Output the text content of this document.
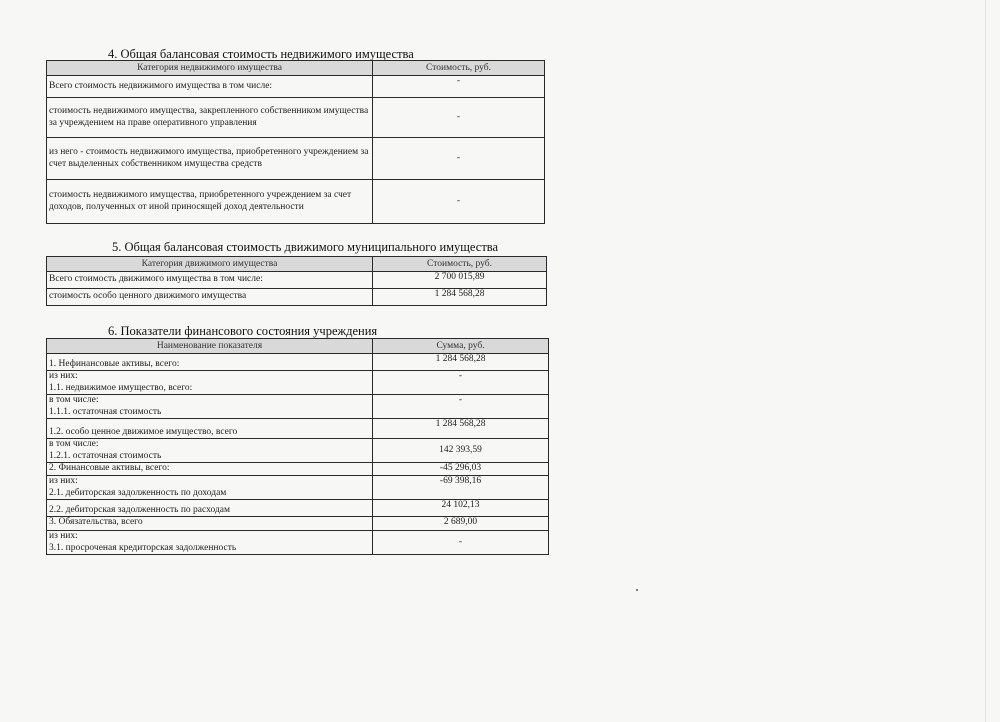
4. Общая балансовая стоимость недвижимого имущества
Категория недвижимого имущества	Стоимость, руб.
Всего стоимость недвижимого имущества в том числе:	-
стоимость недвижимого имущества, закрепленного собственником имущества за учреждением на праве оперативного управления	-
из него - стоимость недвижимого имущества, приобретенного учреждением за счет выделенных собственником имущества средств	-
стоимость недвижимого имущества, приобретенного учреждением за счет доходов, полученных от иной приносящей доход деятельности	-
5. Общая балансовая стоимость движимого муниципального имущества
Категория движимого имущества	Стоимость, руб.
Всего стоимость движимого имущества в том числе:	2 700 015,89
стоимость особо ценного движимого имущества	1 284 568,28
6. Показатели финансового состояния учреждения
Наименование показателя	Сумма, руб.
1. Нефинансовые активы, всего:	1 284 568,28

из них:
1.1. недвижимое имущество, всего:	-

в том числе:
1.1.1. остаточная стоимость	-
1.2. особо ценное движимое имущество, всего	1 284 568,28

в том числе:
1.2.1. остаточная стоимость	142 393,59
2. Финансовые активы, всего:	-45 296,03

из них:
2.1. дебиторская задолженность по доходам	-69 398,16
2.2. дебиторская задолженность по расходам	24 102,13
3. Обязательства, всего	2 689,00

из них:
3.1. просроченая кредиторская задолженность	-
